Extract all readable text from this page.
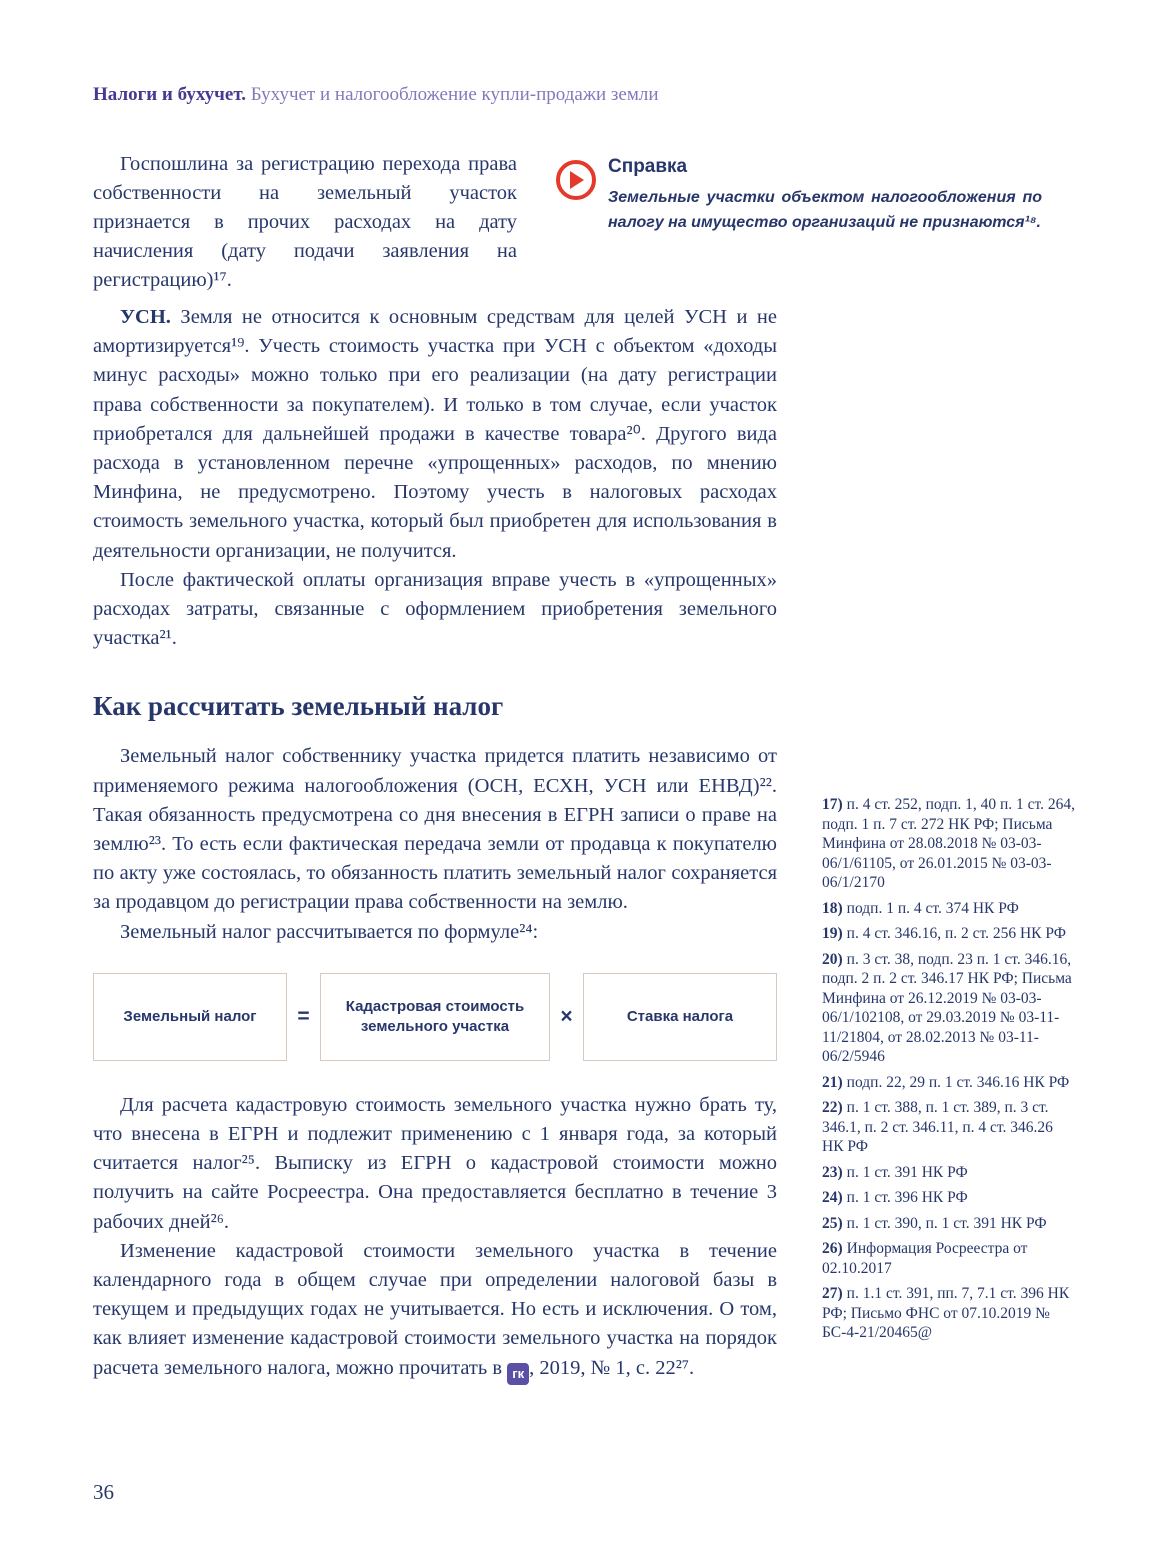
Налоги и бухучет. Бухучет и налогообложение купли-продажи земли

Госпошлина за регистрацию перехода права собственности на земельный участок признается в прочих расходах на дату начисления (дату подачи заявления на регистрацию)¹⁷.

Справка
Земельные участки объектом налогообложения по налогу на имущество организаций не признаются¹⁸.

УСН. Земля не относится к основным средствам для целей УСН и не амортизируется¹⁹. Учесть стоимость участка при УСН с объектом «доходы минус расходы» можно только при его реализации (на дату регистрации права собственности за покупателем). И только в том случае, если участок приобретался для дальнейшей продажи в качестве товара²⁰. Другого вида расхода в установленном перечне «упрощенных» расходов, по мнению Минфина, не предусмотрено. Поэтому учесть в налоговых расходах стоимость земельного участка, который был приобретен для использования в деятельности организации, не получится.

После фактической оплаты организация вправе учесть в «упрощенных» расходах затраты, связанные с оформлением приобретения земельного участка²¹.

Как рассчитать земельный налог

Земельный налог собственнику участка придется платить независимо от применяемого режима налогообложения (ОСН, ЕСХН, УСН или ЕНВД)²². Такая обязанность предусмотрена со дня внесения в ЕГРН записи о праве на землю²³. То есть если фактическая передача земли от продавца к покупателю по акту уже состоялась, то обязанность платить земельный налог сохраняется за продавцом до регистрации права собственности на землю.

Земельный налог рассчитывается по формуле²⁴:

Земельный налог	=	Кадастровая стоимость земельного участка	×	Ставка налога

Для расчета кадастровую стоимость земельного участка нужно брать ту, что внесена в ЕГРН и подлежит применению с 1 января года, за который считается налог²⁵. Выписку из ЕГРН о кадастровой стоимости можно получить на сайте Росреестра. Она предоставляется бесплатно в течение 3 рабочих дней²⁶.

Изменение кадастровой стоимости земельного участка в течение календарного года в общем случае при определении налоговой базы в текущем и предыдущих годах не учитывается. Но есть и исключения. О том, как влияет изменение кадастровой стоимости земельного участка на порядок расчета земельного налога, можно прочитать в гк , 2019, № 1, с. 22²⁷.

17) п. 4 ст. 252, подп. 1, 40 п. 1 ст. 264, подп. 1 п. 7 ст. 272 НК РФ; Письма Минфина от 28.08.2018 № 03-03-06/1/61105, от 26.01.2015 № 03-03-06/1/2170

18) подп. 1 п. 4 ст. 374 НК РФ

19) п. 4 ст. 346.16, п. 2 ст. 256 НК РФ

20) п. 3 ст. 38, подп. 23 п. 1 ст. 346.16, подп. 2 п. 2 ст. 346.17 НК РФ; Письма Минфина от 26.12.2019 № 03-03-06/1/102108, от 29.03.2019 № 03-11-11/21804, от 28.02.2013 № 03-11-06/2/5946

21) подп. 22, 29 п. 1 ст. 346.16 НК РФ

22) п. 1 ст. 388, п. 1 ст. 389, п. 3 ст. 346.1, п. 2 ст. 346.11, п. 4 ст. 346.26 НК РФ

23) п. 1 ст. 391 НК РФ

24) п. 1 ст. 396 НК РФ

25) п. 1 ст. 390, п. 1 ст. 391 НК РФ

26) Информация Росреестра от 02.10.2017

27) п. 1.1 ст. 391, пп. 7, 7.1 ст. 396 НК РФ; Письмо ФНС от 07.10.2019 № БС-4-21/20465@

36
